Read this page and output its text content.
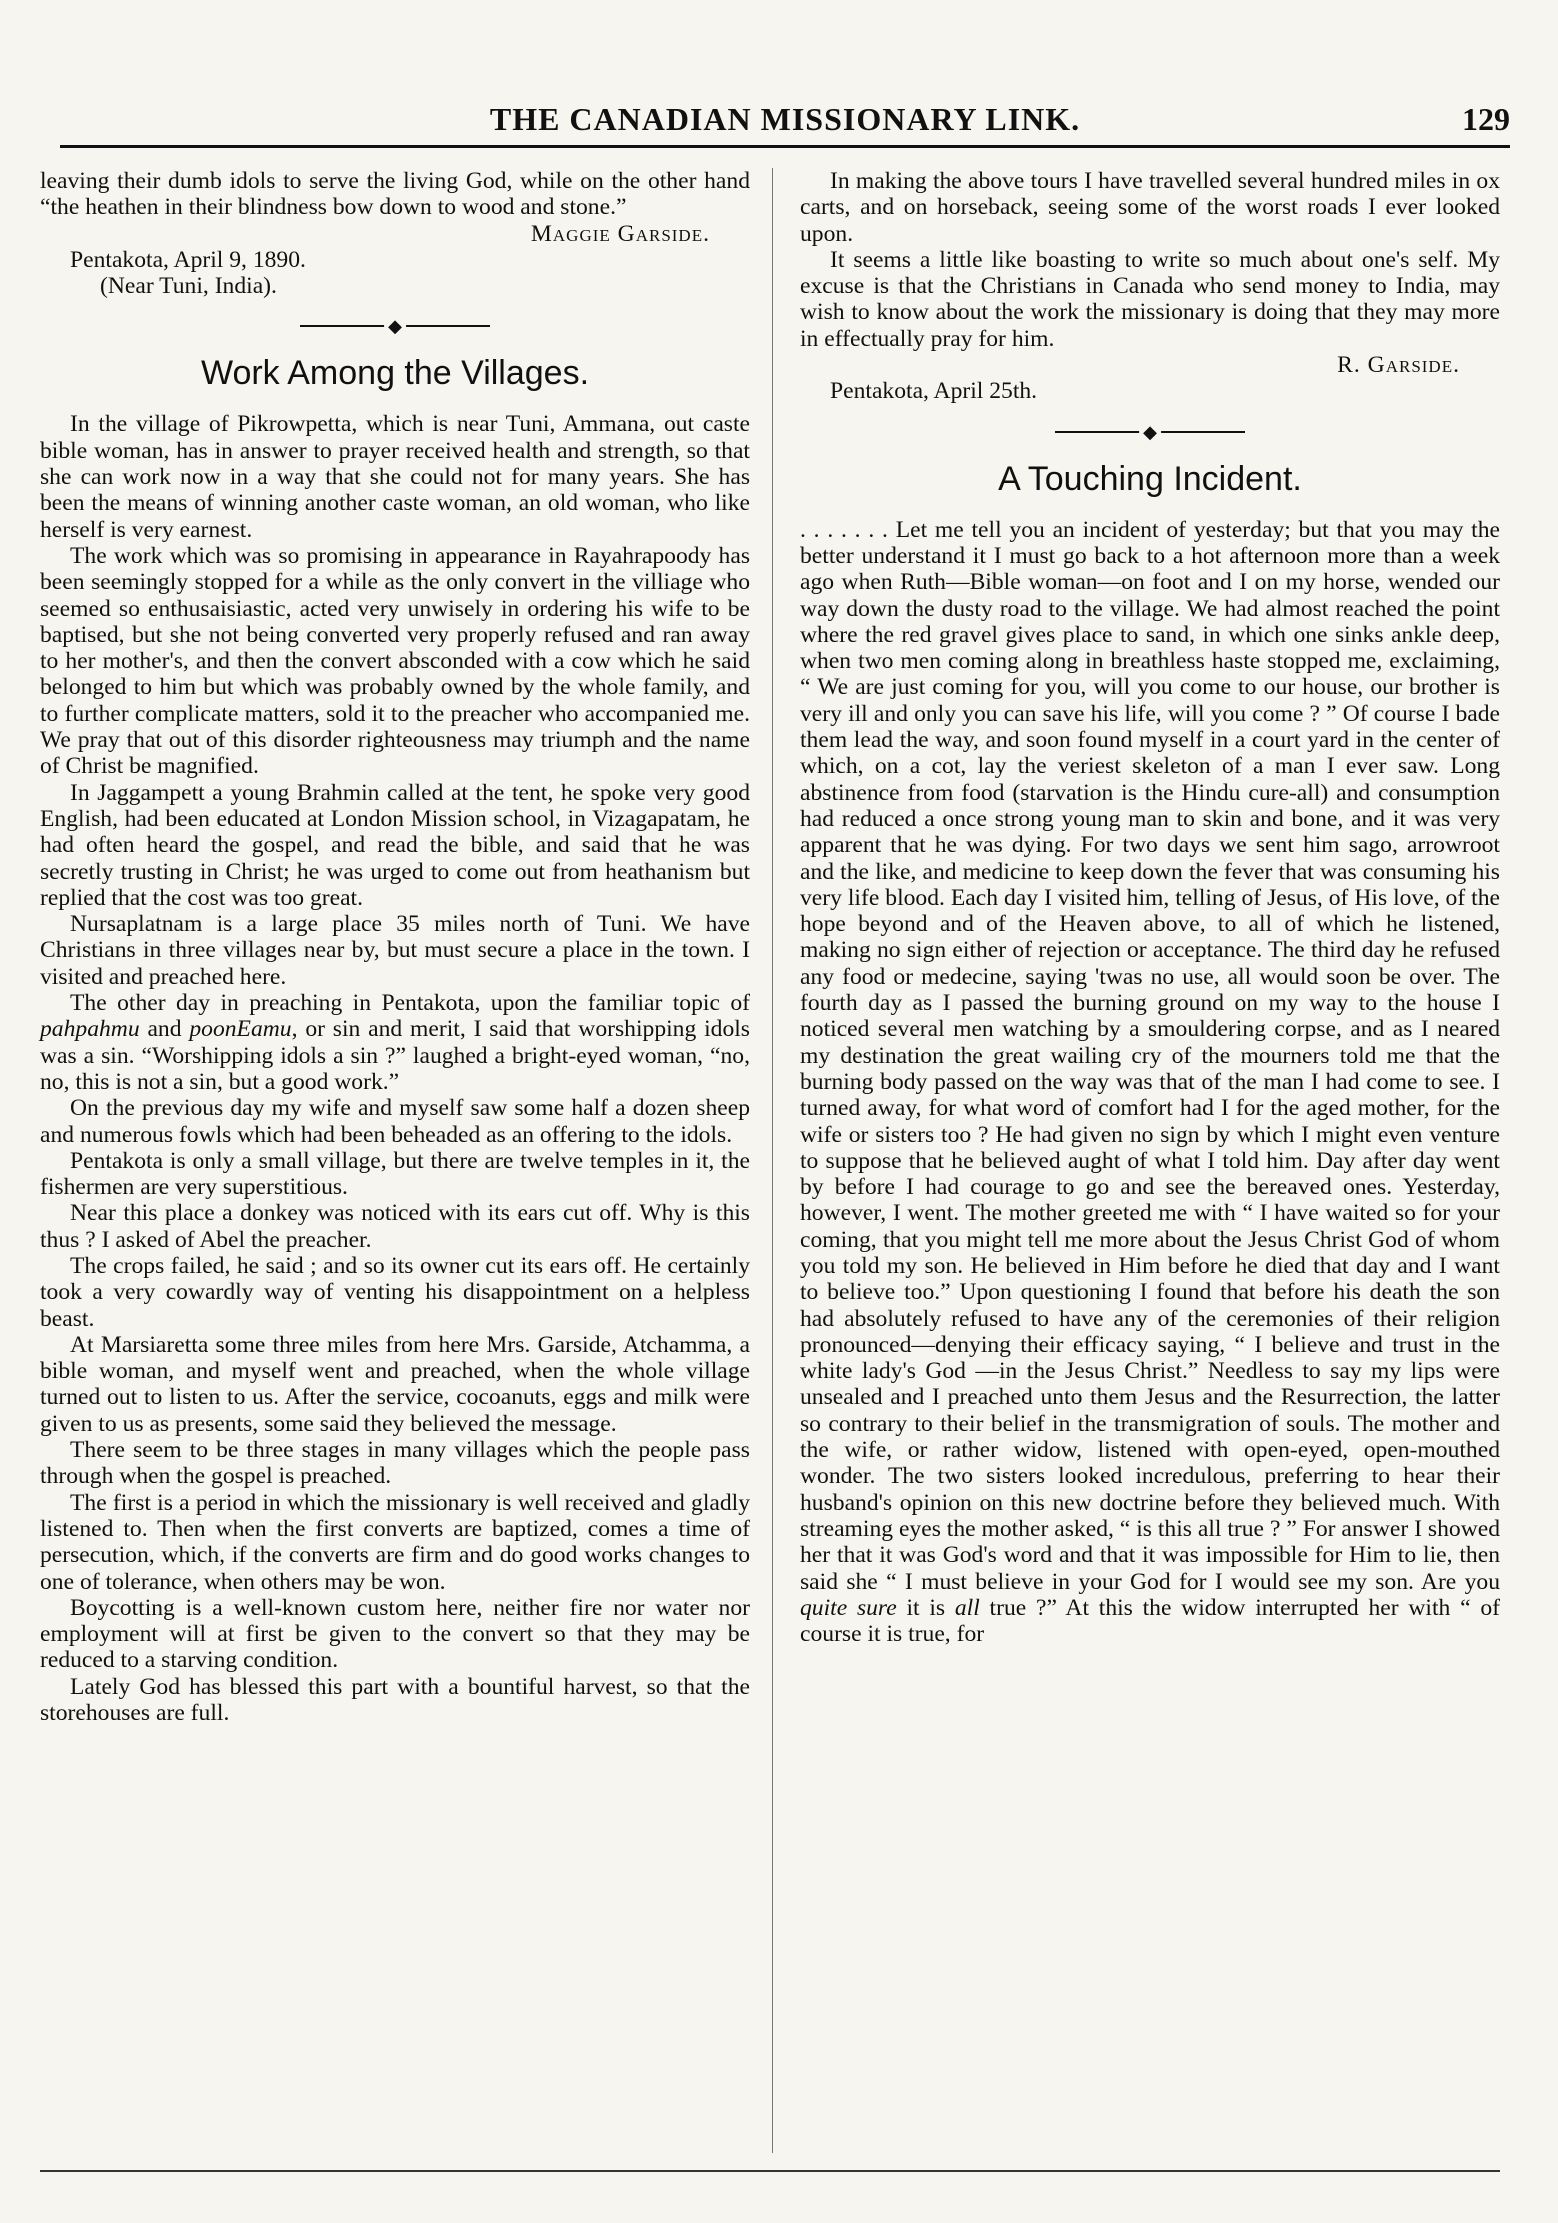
THE CANADIAN MISSIONARY LINK.	129

leaving their dumb idols to serve the living God, while on the other hand “the heathen in their blindness bow down to wood and stone.”

Maggie Garside.

Pentakota, April 9, 1890.

(Near Tuni, India).

◆
Work Among the Villages.

In the village of Pikrowpetta, which is near Tuni, Ammana, out caste bible woman, has in answer to prayer received health and strength, so that she can work now in a way that she could not for many years. She has been the means of winning another caste woman, an old woman, who like herself is very earnest.

The work which was so promising in appearance in Rayahrapoody has been seemingly stopped for a while as the only convert in the villiage who seemed so enthusaisiastic, acted very unwisely in ordering his wife to be baptised, but she not being converted very properly refused and ran away to her mother's, and then the convert absconded with a cow which he said belonged to him but which was probably owned by the whole family, and to further complicate matters, sold it to the preacher who accompanied me. We pray that out of this disorder righteousness may triumph and the name of Christ be magnified.

In Jaggampett a young Brahmin called at the tent, he spoke very good English, had been educated at London Mission school, in Vizagapatam, he had often heard the gospel, and read the bible, and said that he was secretly trusting in Christ; he was urged to come out from heathanism but replied that the cost was too great.

Nursaplatnam is a large place 35 miles north of Tuni. We have Christians in three villages near by, but must secure a place in the town. I visited and preached here.

The other day in preaching in Pentakota, upon the familiar topic of pahpahmu and poonEamu, or sin and merit, I said that worshipping idols was a sin. “Worshipping idols a sin ?” laughed a bright-eyed woman, “no, no, this is not a sin, but a good work.”

On the previous day my wife and myself saw some half a dozen sheep and numerous fowls which had been beheaded as an offering to the idols.

Pentakota is only a small village, but there are twelve temples in it, the fishermen are very superstitious.

Near this place a donkey was noticed with its ears cut off. Why is this thus ? I asked of Abel the preacher.

The crops failed, he said ; and so its owner cut its ears off. He certainly took a very cowardly way of venting his disappointment on a helpless beast.

At Marsiaretta some three miles from here Mrs. Garside, Atchamma, a bible woman, and myself went and preached, when the whole village turned out to listen to us. After the service, cocoanuts, eggs and milk were given to us as presents, some said they believed the message.

There seem to be three stages in many villages which the people pass through when the gospel is preached.

The first is a period in which the missionary is well received and gladly listened to. Then when the first converts are baptized, comes a time of persecution, which, if the converts are firm and do good works changes to one of tolerance, when others may be won.

Boycotting is a well-known custom here, neither fire nor water nor employment will at first be given to the convert so that they may be reduced to a starving condition.

Lately God has blessed this part with a bountiful harvest, so that the storehouses are full.

In making the above tours I have travelled several hundred miles in ox carts, and on horseback, seeing some of the worst roads I ever looked upon.

It seems a little like boasting to write so much about one's self. My excuse is that the Christians in Canada who send money to India, may wish to know about the work the missionary is doing that they may more in effectually pray for him.

R. Garside.

Pentakota, April 25th.

◆
A Touching Incident.

. . . . . . . Let me tell you an incident of yesterday; but that you may the better understand it I must go back to a hot afternoon more than a week ago when Ruth—Bible woman—on foot and I on my horse, wended our way down the dusty road to the village. We had almost reached the point where the red gravel gives place to sand, in which one sinks ankle deep, when two men coming along in breathless haste stopped me, exclaiming, “ We are just coming for you, will you come to our house, our brother is very ill and only you can save his life, will you come ? ” Of course I bade them lead the way, and soon found myself in a court yard in the center of which, on a cot, lay the veriest skeleton of a man I ever saw. Long abstinence from food (starvation is the Hindu cure-all) and consumption had reduced a once strong young man to skin and bone, and it was very apparent that he was dying. For two days we sent him sago, arrowroot and the like, and medicine to keep down the fever that was consuming his very life blood. Each day I visited him, telling of Jesus, of His love, of the hope beyond and of the Heaven above, to all of which he listened, making no sign either of rejection or acceptance. The third day he refused any food or medecine, saying 'twas no use, all would soon be over. The fourth day as I passed the burning ground on my way to the house I noticed several men watching by a smouldering corpse, and as I neared my destination the great wailing cry of the mourners told me that the burning body passed on the way was that of the man I had come to see. I turned away, for what word of comfort had I for the aged mother, for the wife or sisters too ? He had given no sign by which I might even venture to suppose that he believed aught of what I told him. Day after day went by before I had courage to go and see the bereaved ones. Yesterday, however, I went. The mother greeted me with “ I have waited so for your coming, that you might tell me more about the Jesus Christ God of whom you told my son. He believed in Him before he died that day and I want to believe too.” Upon questioning I found that before his death the son had absolutely refused to have any of the ceremonies of their religion pronounced—denying their efficacy saying, “ I believe and trust in the white lady's God —in the Jesus Christ.” Needless to say my lips were unsealed and I preached unto them Jesus and the Resurrection, the latter so contrary to their belief in the transmigration of souls. The mother and the wife, or rather widow, listened with open-eyed, open-mouthed wonder. The two sisters looked incredulous, preferring to hear their husband's opinion on this new doctrine before they believed much. With streaming eyes the mother asked, “ is this all true ? ” For answer I showed her that it was God's word and that it was impossible for Him to lie, then said she “ I must believe in your God for I would see my son. Are you quite sure it is all true ?” At this the widow interrupted her with “ of course it is true, for
